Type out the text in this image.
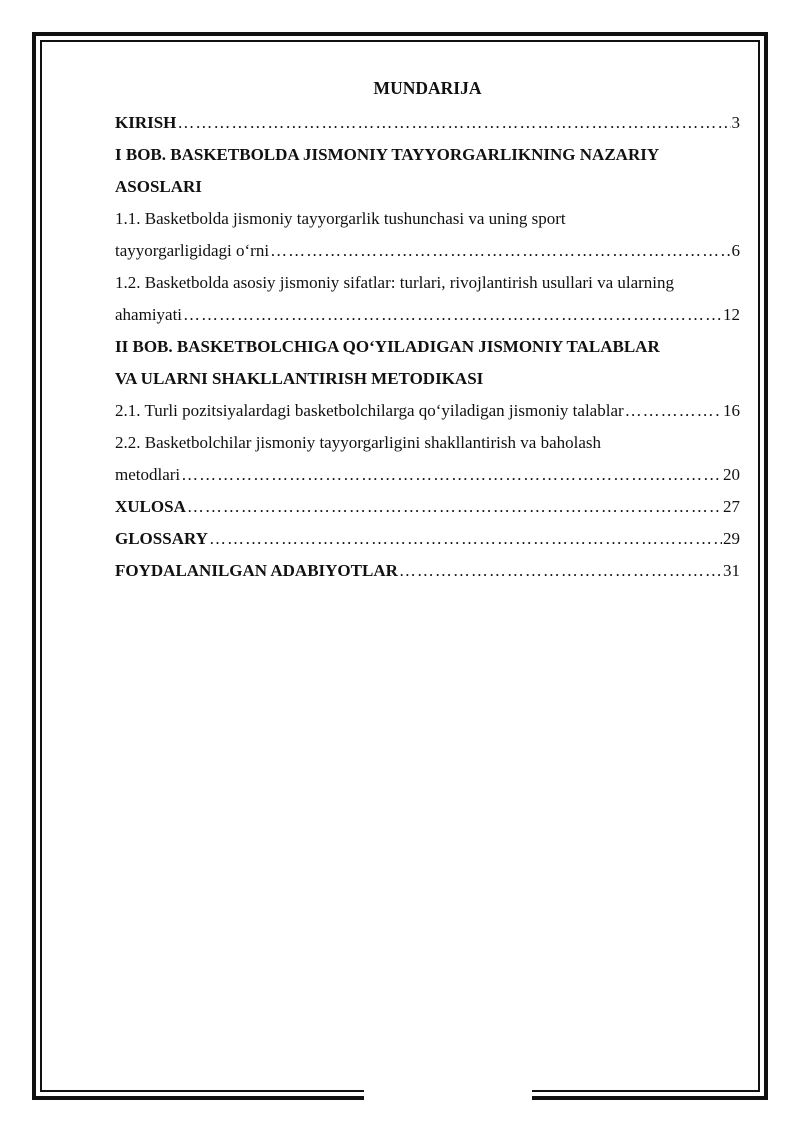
MUNDARIJA
KIRISH ……………………………………………………………………………………………………………………………………………………………………………	3
I BOB. BASKETBOLDA JISMONIY TAYYORGARLIKNING NAZARIY
ASOSLARI
1.1. Basketbolda jismoniy tayyorgarlik tushunchasi va uning sport
tayyorgarligidagi o‘rni ……………………………………………………………………………………………………………………………………………………………………………	6
1.2. Basketbolda asosiy jismoniy sifatlar: turlari, rivojlantirish usullari va ularning
ahamiyati ……………………………………………………………………………………………………………………………………………………………………………	12
II BOB. BASKETBOLCHIGA QO‘YILADIGAN JISMONIY TALABLAR
VA ULARNI SHAKLLANTIRISH METODIKASI
2.1. Turli pozitsiyalardagi basketbolchilarga qo‘yiladigan jismoniy talablar ……………………………………………………………………………………………………………………………………………………………………………	16
2.2. Basketbolchilar jismoniy tayyorgarligini shakllantirish va baholash
metodlari ……………………………………………………………………………………………………………………………………………………………………………	20
XULOSA ……………………………………………………………………………………………………………………………………………………………………………	27
GLOSSARY ……………………………………………………………………………………………………………………………………………………………………………	29
FOYDALANILGAN ADABIYOTLAR ……………………………………………………………………………………………………………………………………………………………………………	31
